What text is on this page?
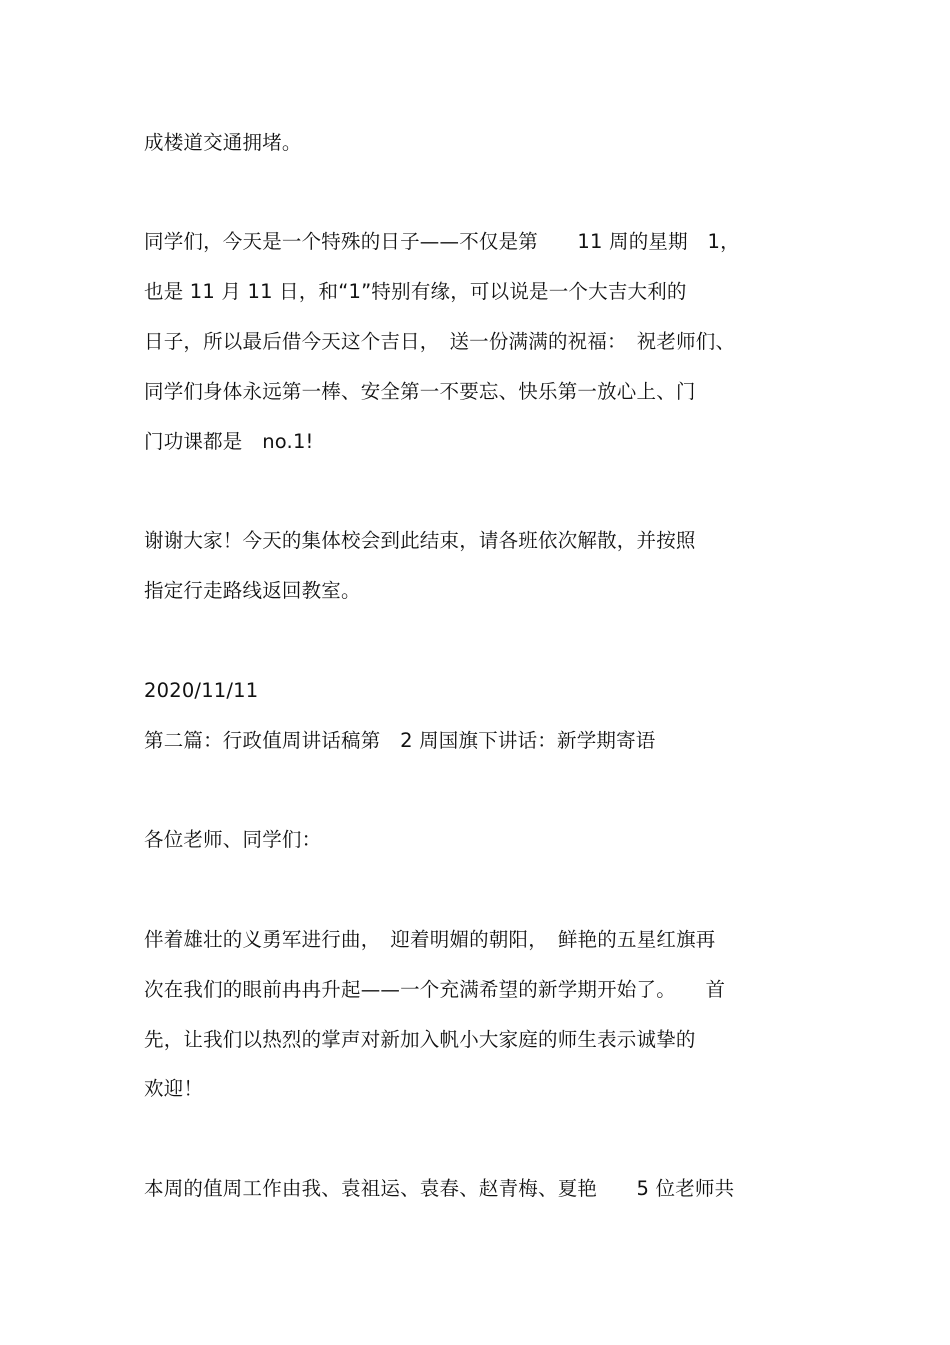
成楼道交通拥堵。
同学们，今天是一个特殊的日子——不仅是第　　11 周的星期　1，
也是 11 月 11 日，和“1”特别有缘，可以说是一个大吉大利的
日子，所以最后借今天这个吉日，　送一份满满的祝福：　祝老师们、
同学们身体永远第一棒、安全第一不要忘、快乐第一放心上、门
门功课都是　no.1!
谢谢大家！今天的集体校会到此结束，请各班依次解散，并按照
指定行走路线返回教室。
2020/11/11
第二篇：行政值周讲话稿第　2 周国旗下讲话：新学期寄语
各位老师、同学们：
伴着雄壮的义勇军进行曲，　迎着明媚的朝阳，　鲜艳的五星红旗再
次在我们的眼前冉冉升起——一个充满希望的新学期开始了。　　首
先，让我们以热烈的掌声对新加入帆小大家庭的师生表示诚挚的
欢迎！
本周的值周工作由我、袁祖运、袁春、赵青梅、夏艳　　5 位老师共
